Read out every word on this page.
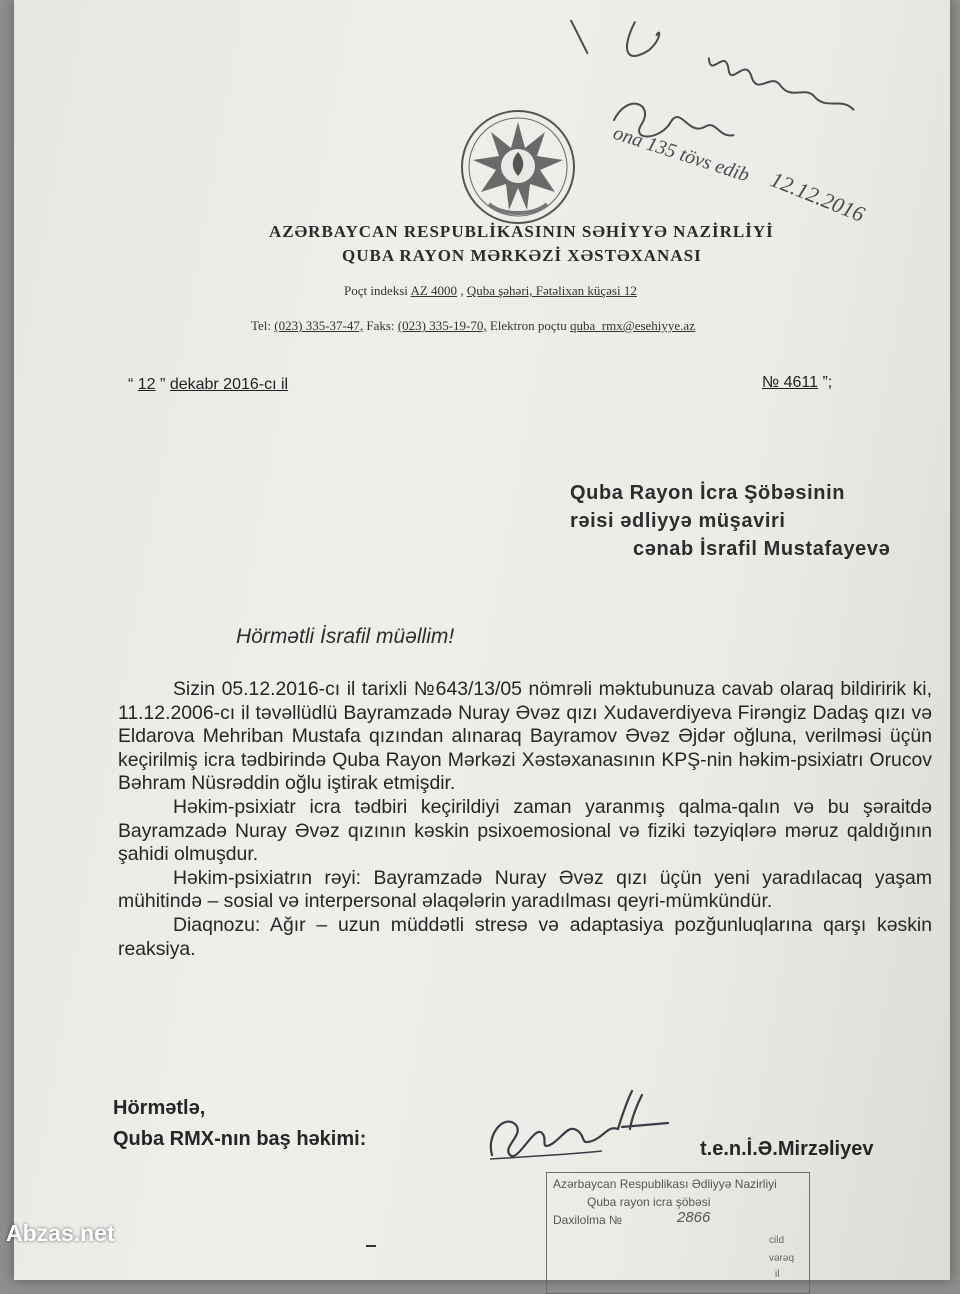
AZƏRBAYCAN RESPUBLİKASININ SƏHİYYƏ NAZİRLİYİ
QUBA RAYON MƏRKƏZİ XƏSTƏXANASI
Poçt indeksi AZ 4000 , Quba şəhəri, Fətəlixan küçəsi 12
Tel: (023) 335-37-47, Faks: (023) 335-19-70, Elektron poçtu quba_rmx@esehiyye.az
“ 12 ” dekabr 2016-cı il	№ 4611 ”;
Quba Rayon İcra Şöbəsinin
rəisi ədliyyə müşaviri
cənab İsrafil Mustafayevə
Hörmətli İsrafil müəllim!

Sizin 05.12.2016-cı il tarixli №643/13/05 nömrəli məktubunuza cavab olaraq bildiririk ki, 11.12.2006-cı il təvəllüdlü Bayramzadə Nuray Əvəz qızı Xudaverdiyeva Firəngiz Dadaş qızı və Eldarova Mehriban Mustafa qızından alınaraq Bayramov Əvəz Əjdər oğluna, verilməsi üçün keçirilmiş icra tədbirində Quba Rayon Mərkəzi Xəstəxanasının KPŞ-nin həkim-psixiatrı Orucov Bəhram Nüsrəddin oğlu iştirak etmişdir.

Həkim-psixiatr icra tədbiri keçirildiyi zaman yaranmış qalma-qalın və bu şəraitdə Bayramzadə Nuray Əvəz qızının kəskin psixoemosional və fiziki təzyiqlərə məruz qaldığının şahidi olmuşdur.

Həkim-psixiatrın rəyi: Bayramzadə Nuray Əvəz qızı üçün yeni yaradılacaq yaşam mühitində – sosial və interpersonal əlaqələrin yaradılması qeyri-mümkündür.

Diaqnozu: Ağır – uzun müddətli stresə və adaptasiya pozğunluqlarına qarşı kəskin reaksiya.

Hörmətlə,
Quba RMX-nın baş həkimi:	t.e.n.İ.Ə.Mirzəliyev
ona 135 tövs edib
12.12.2016
Azərbaycan Respublikası Ədliyyə Nazirliyi
Quba rayon icra şöbəsi
Daxilolma №	2866
cild
vərəq
il
Abzas.net
